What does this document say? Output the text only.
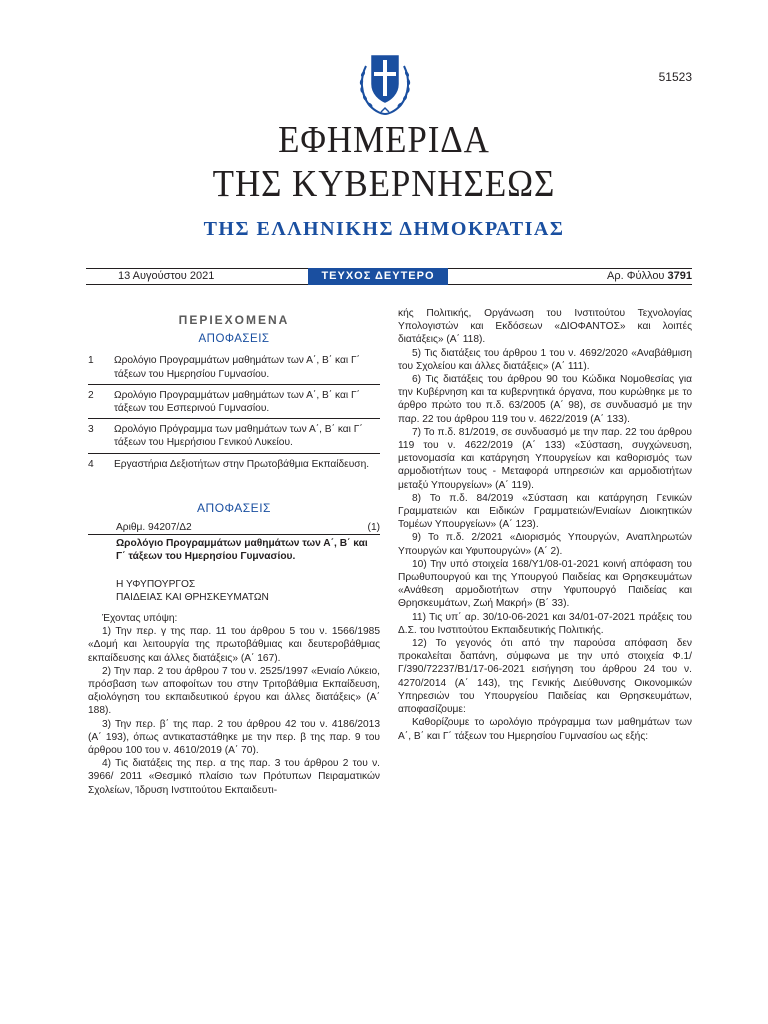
51523
ΕΦΗΜΕΡΙΔΑ
ΤΗΣ ΚΥΒΕΡΝΗΣΕΩΣ
ΤΗΣ ΕΛΛΗΝΙΚΗΣ ΔΗΜΟΚΡΑΤΙΑΣ
13 Αυγούστου 2021	ΤΕΥΧΟΣ ΔΕΥΤΕΡΟ	Αρ. Φύλλου 3791
ΠΕΡΙΕΧΟΜΕΝΑ
ΑΠΟΦΑΣΕΙΣ
1	Ωρολόγιο Προγραμμάτων μαθημάτων των Α΄, Β΄ και Γ΄ τάξεων του Ημερησίου Γυμνασίου.
2	Ωρολόγιο Προγραμμάτων μαθημάτων των Α΄, Β΄ και Γ΄ τάξεων του Εσπερινού Γυμνασίου.
3	Ωρολόγιο Πρόγραμμα των μαθημάτων των Α΄, Β΄ και Γ΄ τάξεων του Ημερήσιου Γενικού Λυκείου.
4	Εργαστήρια Δεξιοτήτων στην Πρωτοβάθμια Εκπαίδευση.
ΑΠΟΦΑΣΕΙΣ
Αριθμ. 94207/Δ2	(1)
Ωρολόγιο Προγραμμάτων μαθημάτων των Α΄, Β΄ και Γ΄ τάξεων του Ημερησίου Γυμνασίου.
Η ΥΦΥΠΟΥΡΓΟΣ
ΠΑΙΔΕΙΑΣ ΚΑΙ ΘΡΗΣΚΕΥΜΑΤΩΝ

Έχοντας υπόψη:

1) Την περ. γ της παρ. 11 του άρθρου 5 του ν. 1566/1985 «Δομή και λειτουργία της πρωτοβάθμιας και δευτεροβάθμιας εκπαίδευσης και άλλες διατάξεις» (Α΄ 167).

2) Την παρ. 2 του άρθρου 7 του ν. 2525/1997 «Ενιαίο Λύκειο, πρόσβαση των αποφοίτων του στην Τριτοβάθμια Εκπαίδευση, αξιολόγηση του εκπαιδευτικού έργου και άλλες διατάξεις» (Α΄ 188).

3) Την περ. β΄ της παρ. 2 του άρθρου 42 του ν. 4186/2013 (Α΄ 193), όπως αντικαταστάθηκε με την περ. β της παρ. 9 του άρθρου 100 του ν. 4610/2019 (Α΄ 70).

4) Τις διατάξεις της περ. α της παρ. 3 του άρθρου 2 του ν. 3966/ 2011 «Θεσμικό πλαίσιο των Πρότυπων Πειραματικών Σχολείων, Ίδρυση Ινστιτούτου Εκπαιδευτι-

κής Πολιτικής, Οργάνωση του Ινστιτούτου Τεχνολογίας Υπολογιστών και Εκδόσεων «ΔΙΟΦΑΝΤΟΣ» και λοιπές διατάξεις» (Α΄ 118).

5) Τις διατάξεις του άρθρου 1 του ν. 4692/2020 «Αναβάθμιση του Σχολείου και άλλες διατάξεις» (Α΄ 111).

6) Τις διατάξεις του άρθρου 90 του Κώδικα Νομοθεσίας για την Κυβέρνηση και τα κυβερνητικά όργανα, που κυρώθηκε με το άρθρο πρώτο του π.δ. 63/2005 (Α΄ 98), σε συνδυασμό με την παρ. 22 του άρθρου 119 του ν. 4622/2019 (Α΄ 133).

7) Το π.δ. 81/2019, σε συνδυασμό με την παρ. 22 του άρθρου 119 του ν. 4622/2019 (Α΄ 133) «Σύσταση, συγχώνευση, μετονομασία και κατάργηση Υπουργείων και καθορισμός των αρμοδιοτήτων τους - Μεταφορά υπηρεσιών και αρμοδιοτήτων μεταξύ Υπουργείων» (Α΄ 119).

8) Το π.δ. 84/2019 «Σύσταση και κατάργηση Γενικών Γραμματειών και Ειδικών Γραμματειών/Ενιαίων Διοικητικών Τομέων Υπουργείων» (Α΄ 123).

9) Το π.δ. 2/2021 «Διορισμός Υπουργών, Αναπληρωτών Υπουργών και Υφυπουργών» (Α΄ 2).

10) Την υπό στοιχεία 168/Υ1/08-01-2021 κοινή απόφαση του Πρωθυπουργού και της Υπουργού Παιδείας και Θρησκευμάτων «Ανάθεση αρμοδιοτήτων στην Υφυπουργό Παιδείας και Θρησκευμάτων, Ζωή Μακρή» (Β΄ 33).

11) Τις υπ΄ αρ. 30/10-06-2021 και 34/01-07-2021 πράξεις του Δ.Σ. του Ινστιτούτου Εκπαιδευτικής Πολιτικής.

12) Το γεγονός ότι από την παρούσα απόφαση δεν προκαλείται δαπάνη, σύμφωνα με την υπό στοιχεία Φ.1/Γ/390/72237/Β1/17-06-2021 εισήγηση του άρθρου 24 του ν. 4270/2014 (Α΄ 143), της Γενικής Διεύθυνσης Οικονομικών Υπηρεσιών του Υπουργείου Παιδείας και Θρησκευμάτων, αποφασίζουμε:

Καθορίζουμε το ωρολόγιο πρόγραμμα των μαθημάτων των Α΄, Β΄ και Γ΄ τάξεων του Ημερησίου Γυμνασίου ως εξής:
